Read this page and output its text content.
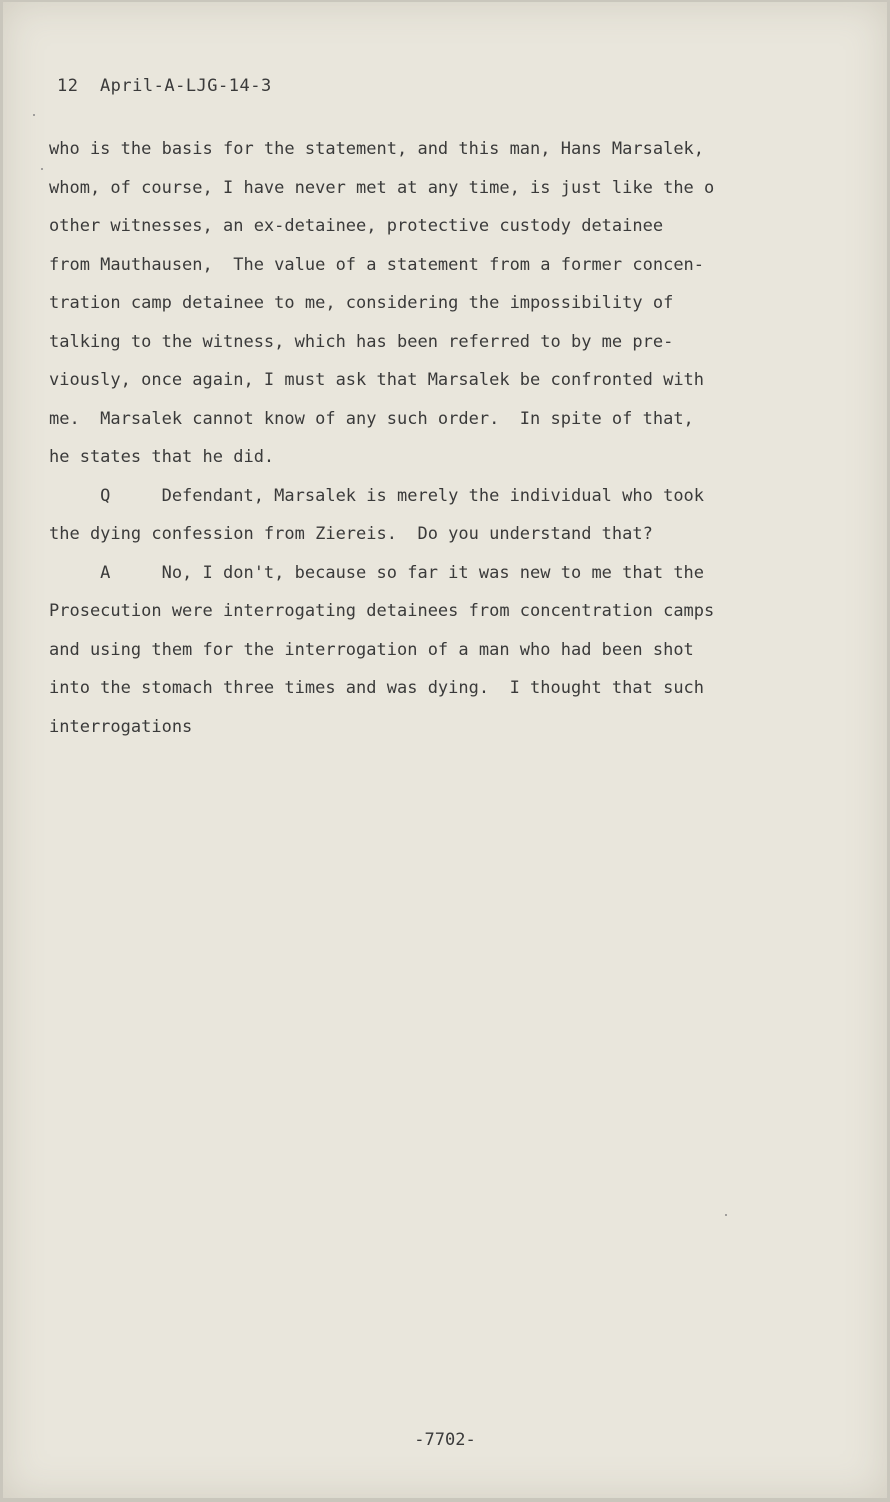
12  April-A-LJG-14-3
who is the basis for the statement, and this man, Hans Marsalek,
whom, of course, I have never met at any time, is just like the o
other witnesses, an ex-detainee, protective custody detainee
from Mauthausen,  The value of a statement from a former concen-
tration camp detainee to me, considering the impossibility of
talking to the witness, which has been referred to by me pre-
viously, once again, I must ask that Marsalek be confronted with
me.  Marsalek cannot know of any such order.  In spite of that,
he states that he did.
Q     Defendant, Marsalek is merely the individual who took
the dying confession from Ziereis.  Do you understand that?
A     No, I don't, because so far it was new to me that the
Prosecution were interrogating detainees from concentration camps
and using them for the interrogation of a man who had been shot
into the stomach three times and was dying.  I thought that such
interrogations
-7702-
